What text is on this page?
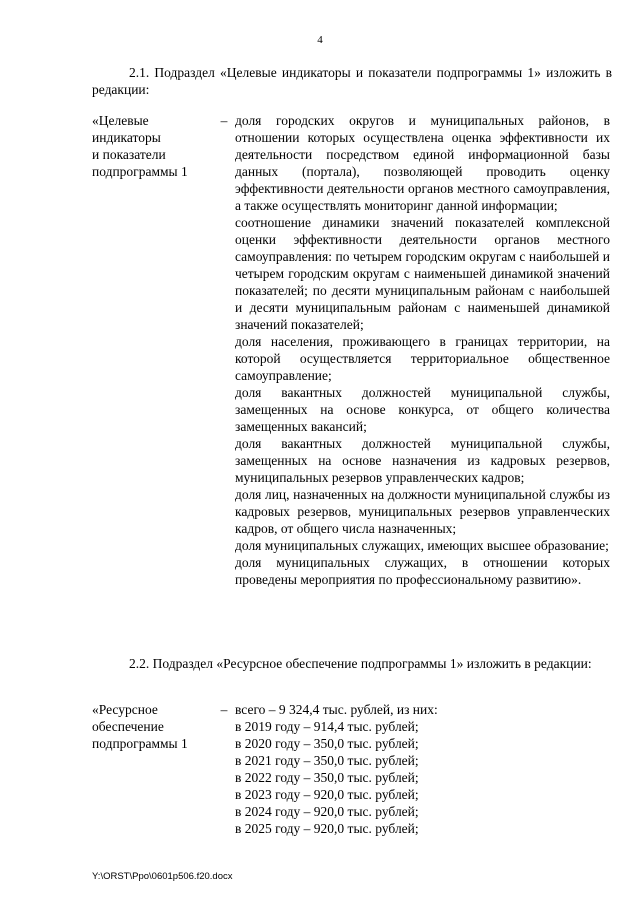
4
2.1. Подраздел «Целевые индикаторы и показатели подпрограммы 1» изложить в редакции:
«Целевые
индикаторы
и показатели
подпрограммы 1
– доля городских округов и муниципальных районов, в отношении которых осуществлена оценка эффективности их деятельности посредством единой информационной базы данных (портала), позволяющей проводить оценку эффективности деятельности органов местного самоуправления, а также осуществлять мониторинг данной информации;
соотношение динамики значений показателей комплексной оценки эффективности деятельности органов местного самоуправления: по четырем городским округам с наибольшей и четырем городским округам с наименьшей динамикой значений показателей; по десяти муниципальным районам с наибольшей и десяти муниципальным районам с наименьшей динамикой значений показателей;
доля населения, проживающего в границах территории, на которой осуществляется территориальное общественное самоуправление;
доля вакантных должностей муниципальной службы, замещенных на основе конкурса, от общего количества замещенных вакансий;
доля вакантных должностей муниципальной службы, замещенных на основе назначения из кадровых резервов, муниципальных резервов управленческих кадров;
доля лиц, назначенных на должности муниципальной службы из кадровых резервов, муниципальных резервов управленческих кадров, от общего числа назначенных;
доля муниципальных служащих, имеющих высшее образование;
доля муниципальных служащих, в отношении которых проведены мероприятия по профессиональному развитию».
2.2. Подраздел «Ресурсное обеспечение подпрограммы 1» изложить в редакции:
«Ресурсное
обеспечение
подпрограммы 1
– всего – 9 324,4 тыс. рублей, из них:
в 2019 году – 914,4 тыс. рублей;
в 2020 году – 350,0 тыс. рублей;
в 2021 году – 350,0 тыс. рублей;
в 2022 году – 350,0 тыс. рублей;
в 2023 году – 920,0 тыс. рублей;
в 2024 году – 920,0 тыс. рублей;
в 2025 году – 920,0 тыс. рублей;
Y:\ORST\Ppo\0601p506.f20.docx
